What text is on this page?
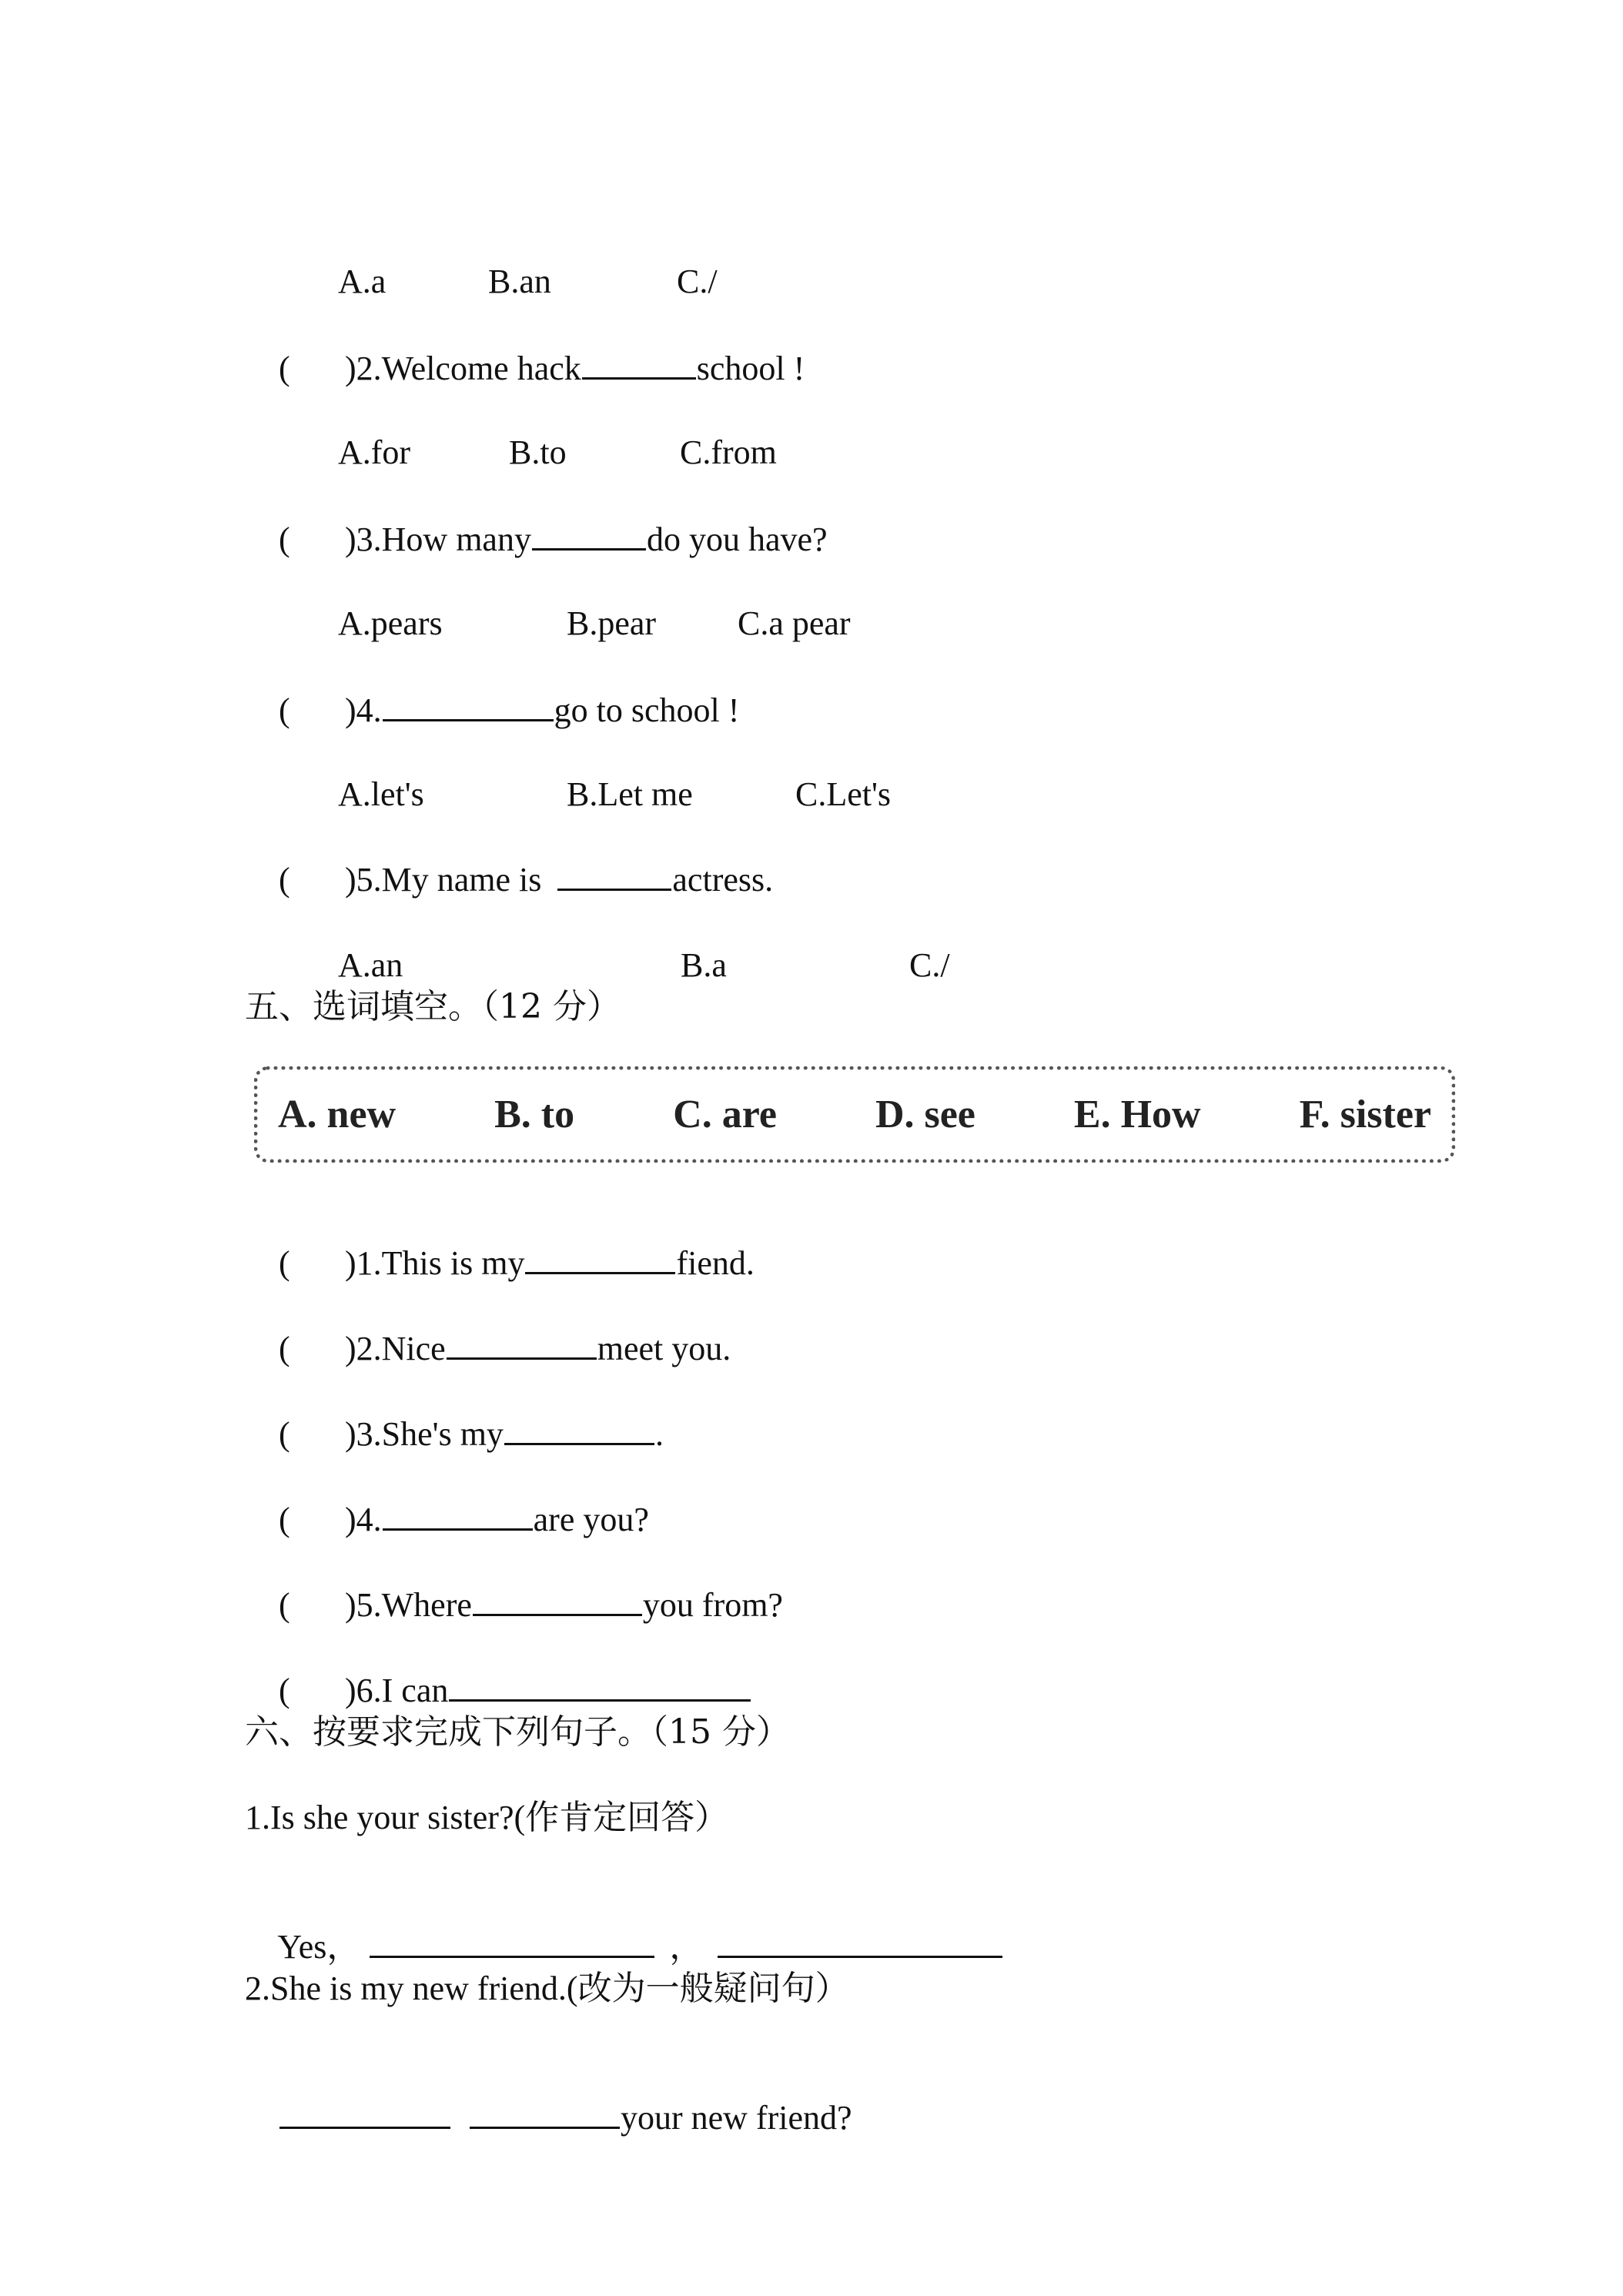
A.a	B.an	C./

( )2.Welcome hack	school !

A.for	B.to	C.from

( )3.How many	do you have?

A.pears	B.pear C.a pear

( )4.	go to school !

A.let's	B.Let me	C.Let's

( )5.My name is	actress.

A.an	B.a	C./

五、选词填空。（12 分）
A. new B. to C. are D. see E. How F. sister

( )1.This is my	fiend.

( )2.Nice	meet you.

( )3.She's my	.

( )4.	are you?

( )5.Where	you from?

( )6.I can

六、按要求完成下列句子。（15 分）
1.Is she your sister?(作肯定回答）

Yes，	，

2.She is my new friend.(改为一般疑问句）

your new friend?
